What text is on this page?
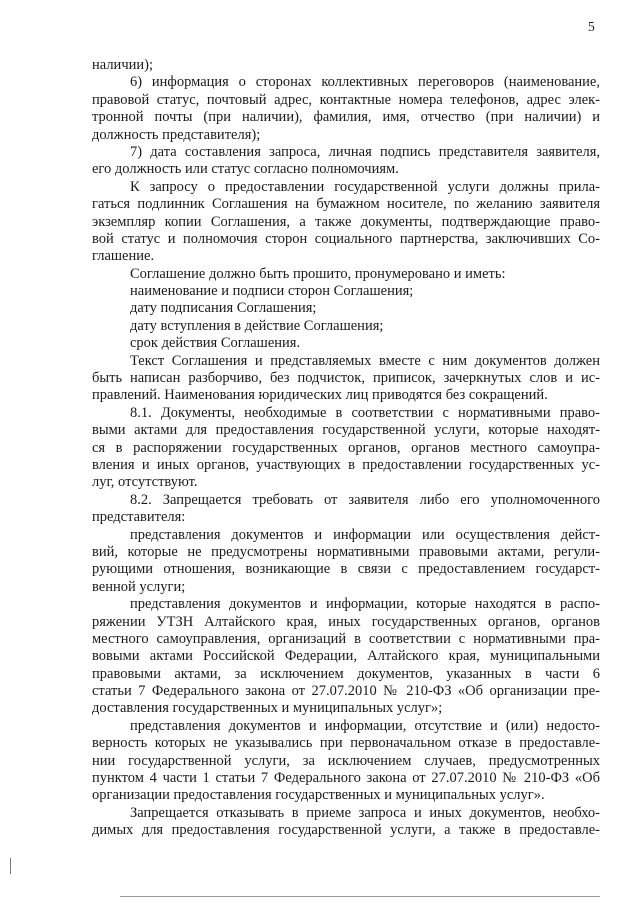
5
наличии);
6) информация о сторонах коллективных переговоров (наименование,
правовой статус, почтовый адрес, контактные номера телефонов, адрес элек-
тронной почты (при наличии), фамилия, имя, отчество (при наличии) и
должность представителя);
7) дата составления запроса, личная подпись представителя заявителя,
его должность или статус согласно полномочиям.
К запросу о предоставлении государственной услуги должны прила-
гаться подлинник Соглашения на бумажном носителе, по желанию заявителя
экземпляр копии Соглашения, а также документы, подтверждающие право-
вой статус и полномочия сторон социального партнерства, заключивших Со-
глашение.
Соглашение должно быть прошито, пронумеровано и иметь:
наименование и подписи сторон Соглашения;
дату подписания Соглашения;
дату вступления в действие Соглашения;
срок действия Соглашения.
Текст Соглашения и представляемых вместе с ним документов должен
быть написан разборчиво, без подчисток, приписок, зачеркнутых слов и ис-
правлений. Наименования юридических лиц приводятся без сокращений.
8.1. Документы, необходимые в соответствии с нормативными право-
выми актами для предоставления государственной услуги, которые находят-
ся в распоряжении государственных органов, органов местного самоупра-
вления и иных органов, участвующих в предоставлении государственных ус-
луг, отсутствуют.
8.2. Запрещается требовать от заявителя либо его уполномоченного
представителя:
представления документов и информации или осуществления дейст-
вий, которые не предусмотрены нормативными правовыми актами, регули-
рующими отношения, возникающие в связи с предоставлением государст-
венной услуги;
представления документов и информации, которые находятся в распо-
ряжении УТЗН Алтайского края, иных государственных органов, органов
местного самоуправления, организаций в соответствии с нормативными пра-
вовыми актами Российской Федерации, Алтайского края, муниципальными
правовыми актами, за исключением документов, указанных в части 6
статьи 7 Федерального закона от 27.07.2010 № 210-ФЗ «Об организации пре-
доставления государственных и муниципальных услуг»;
представления документов и информации, отсутствие и (или) недосто-
верность которых не указывались при первоначальном отказе в предоставле-
нии государственной услуги, за исключением случаев, предусмотренных
пунктом 4 части 1 статьи 7 Федерального закона от 27.07.2010 № 210-ФЗ «Об
организации предоставления государственных и муниципальных услуг».
Запрещается отказывать в приеме запроса и иных документов, необхо-
димых для предоставления государственной услуги, а также в предоставле-
